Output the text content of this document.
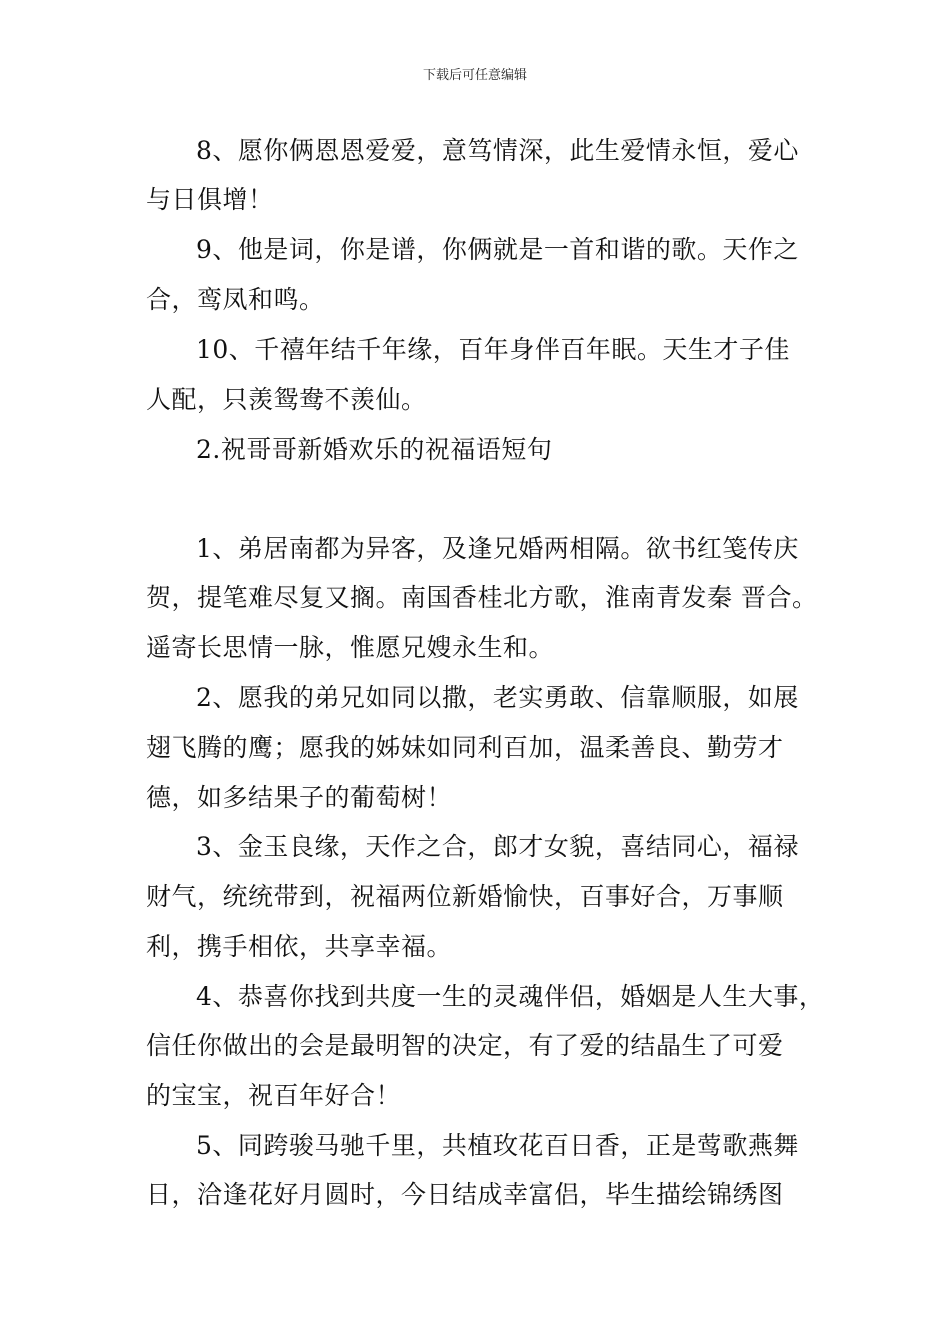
下载后可任意编辑
8、愿你俩恩恩爱爱，意笃情深，此生爱情永恒，爱心
与日俱增！
9、他是词，你是谱，你俩就是一首和谐的歌。天作之
合，鸾凤和鸣。
10、千禧年结千年缘，百年身伴百年眠。天生才子佳
人配，只羡鸳鸯不羡仙。
2.祝哥哥新婚欢乐的祝福语短句
1、弟居南都为异客，及逢兄婚两相隔。欲书红笺传庆
贺，提笔难尽复又搁。南国香桂北方歌，淮南青发秦 晋合。
遥寄长思情一脉，惟愿兄嫂永生和。
2、愿我的弟兄如同以撒，老实勇敢、信靠顺服，如展
翅飞腾的鹰；愿我的姊妹如同利百加，温柔善良、勤劳才
德，如多结果子的葡萄树！
3、金玉良缘，天作之合，郎才女貌，喜结同心，福禄
财气，统统带到，祝福两位新婚愉快，百事好合，万事顺
利，携手相依，共享幸福。
4、恭喜你找到共度一生的灵魂伴侣，婚姻是人生大事，
信任你做出的会是最明智的决定，有了爱的结晶生了可爱
的宝宝，祝百年好合！
5、同跨骏马驰千里，共植玫花百日香，正是莺歌燕舞
日，洽逢花好月圆时，今日结成幸富侣，毕生描绘锦绣图
